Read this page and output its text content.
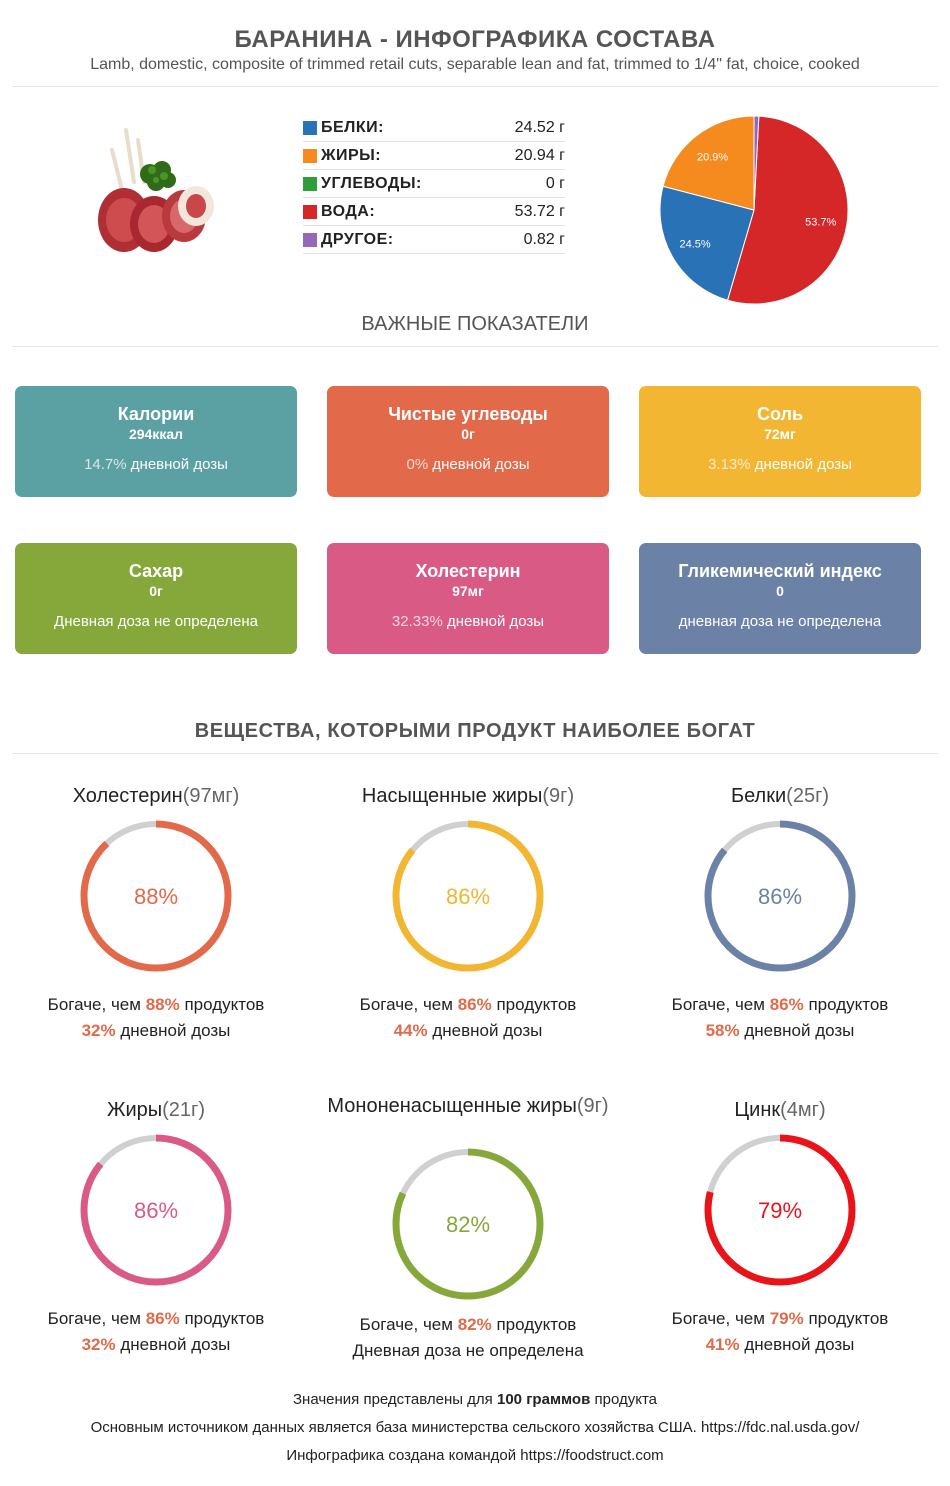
БАРАНИНА - ИНФОГРАФИКА СОСТАВА
Lamb, domestic, composite of trimmed retail cuts, separable lean and fat, trimmed to 1/4" fat, choice, cooked
БЕЛКИ:	24.52 г
ЖИРЫ:	20.94 г
УГЛЕВОДЫ:	0 г
ВОДА:	53.72 г
ДРУГОЕ:	0.82 г
53.7%
24.5%
20.9%
ВАЖНЫЕ ПОКАЗАТЕЛИ
Калории
294ккал
14.7% дневной дозы
Чистые углеводы
0г
0% дневной дозы
Соль
72мг
3.13% дневной дозы
Сахар
0г
Дневная доза не определена
Холестерин
97мг
32.33% дневной дозы
Гликемический индекс
0
дневная доза не определена
ВЕЩЕСТВА, КОТОРЫМИ ПРОДУКТ НАИБОЛЕЕ БОГАТ
Холестерин(97мг)
88%
Богаче, чем 88% продуктов
32% дневной дозы
Насыщенные жиры(9г)
86%
Богаче, чем 86% продуктов
44% дневной дозы
Белки(25г)
86%
Богаче, чем 86% продуктов
58% дневной дозы
Жиры(21г)
86%
Богаче, чем 86% продуктов
32% дневной дозы
Мононенасыщенные жиры(9г)
82%
Богаче, чем 82% продуктов
Дневная доза не определена
Цинк(4мг)
79%
Богаче, чем 79% продуктов
41% дневной дозы
Значения представлены для 100 граммов продукта
Основным источником данных является база министерства сельского хозяйства США. https://fdc.nal.usda.gov/
Инфографика создана командой https://foodstruct.com
